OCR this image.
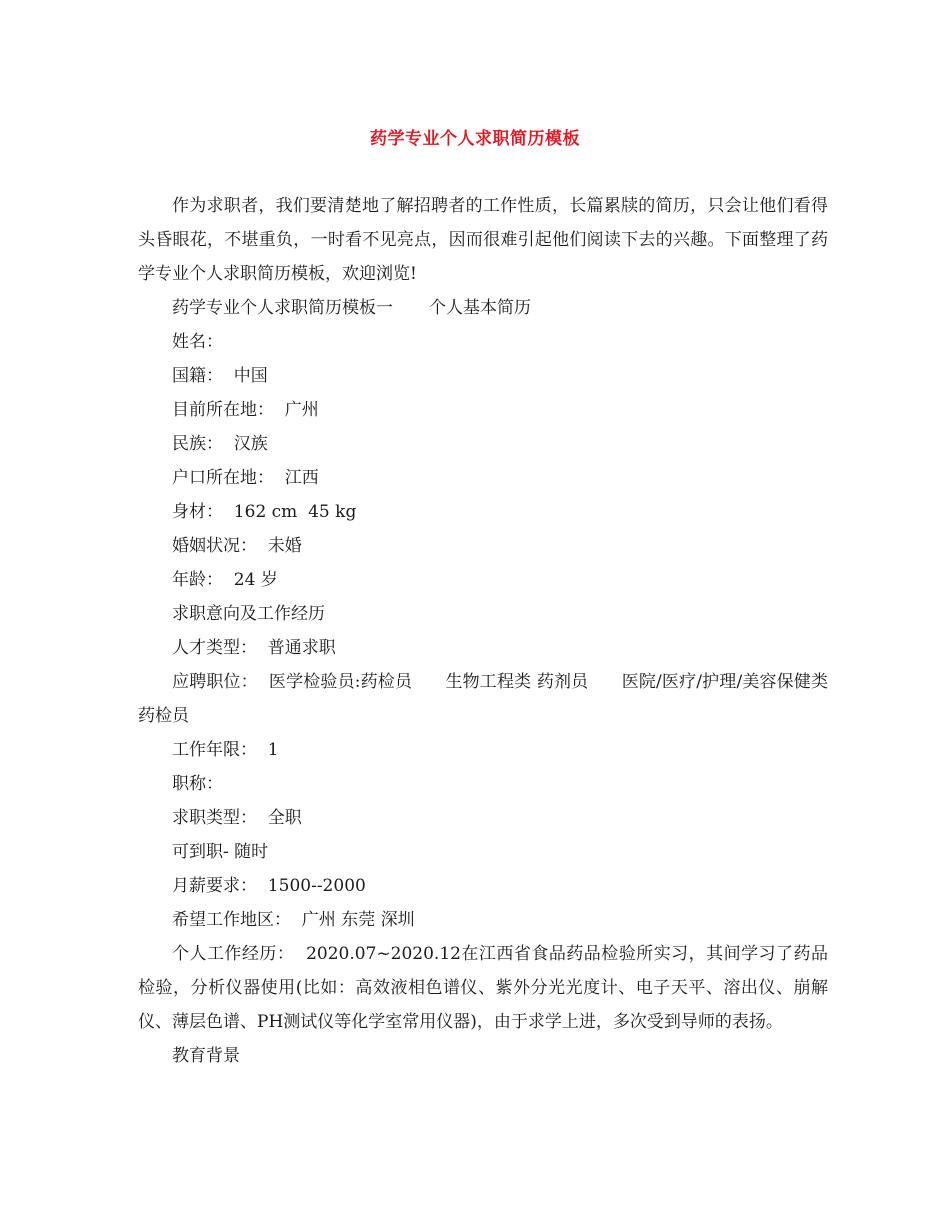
药学专业个人求职简历模板

作为求职者，我们要清楚地了解招聘者的工作性质，长篇累牍的简历，只会让他们看得头昏眼花，不堪重负，一时看不见亮点，因而很难引起他们阅读下去的兴趣。下面整理了药学专业个人求职简历模板，欢迎浏览!

药学专业个人求职简历模板一 个人基本简历

姓名：

国籍：  中国

目前所在地：  广州

民族：  汉族

户口所在地：  江西

身材：  162 cm  45 kg

婚姻状况：  未婚

年龄：  24 岁

求职意向及工作经历

人才类型：  普通求职

应聘职位：  医学检验员:药检员      生物工程类 药剂员      医院/医疗/护理/美容保健类 药检员

工作年限：  1

职称：

求职类型：  全职

可到职- 随时

月薪要求：  1500--2000

希望工作地区：  广州 东莞 深圳

个人工作经历：  2020.07~2020.12在江西省食品药品检验所实习，其间学习了药品检验，分析仪器使用(比如：高效液相色谱仪、紫外分光光度计、电子天平、溶出仪、崩解仪、薄层色谱、PH测试仪等化学室常用仪器)，由于求学上进，多次受到导师的表扬。

教育背景
